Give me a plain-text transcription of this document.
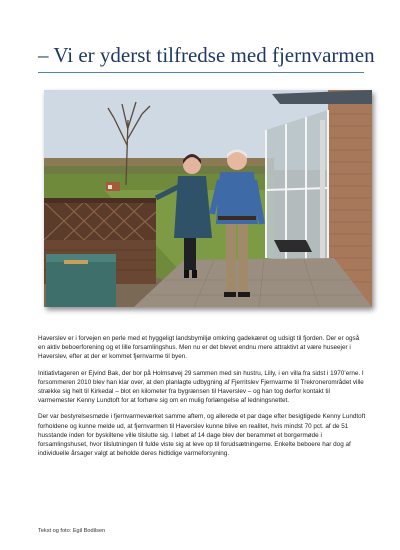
– Vi er yderst tilfredse med fjernvarmen

Haverslev er i forvejen en perle med et hyggeligt landsbymiljø omkring gadekæret og udsigt til fjorden. Der er også en aktiv beboerforening og et lille forsamlingshus. Men nu er det blevet endnu mere attraktivt at være huseejer i Haverslev, efter at der er kommet fjernvarme til byen.

Initiativtageren er Ejvind Bak, der bor på Holmsøvej 29 sammen med sin hustru, Lilly, i en villa fra sidst i 1970’erne. I forsommeren 2010 blev han klar over, at den planlagte udbygning af Fjerritslev Fjernvarme til Trekronerområdet ville strække sig helt til Kirkedal – blot en kilometer fra bygrænsen til Haverslev – og han tog derfor kontakt til varmemester Kenny Lundtoft for at forhøre sig om en mulig forlængelse af ledningsnettet.

Der var bestyrelsesmøde i fjernvarmeværket samme aftem, og allerede et par dage efter besigtigede Kenny Lundtoft forholdene og kunne melde ud, at fjernvarmen til Haverslev kunne blive en realitet, hvis mindst 70 pct. af de 51 husstande inden for byskiltene ville tilslutte sig. I løbet af 14 dage blev der berammet et borgermøde i forsamlingshuset, hvor tilslutningen til fulde viste sig at leve op til forudsætningerne. Enkelte beboere har dog af individuelle årsager valgt at beholde deres hidtidige varmeforsyning.

Tekst og foto: Egil Bodilsen
